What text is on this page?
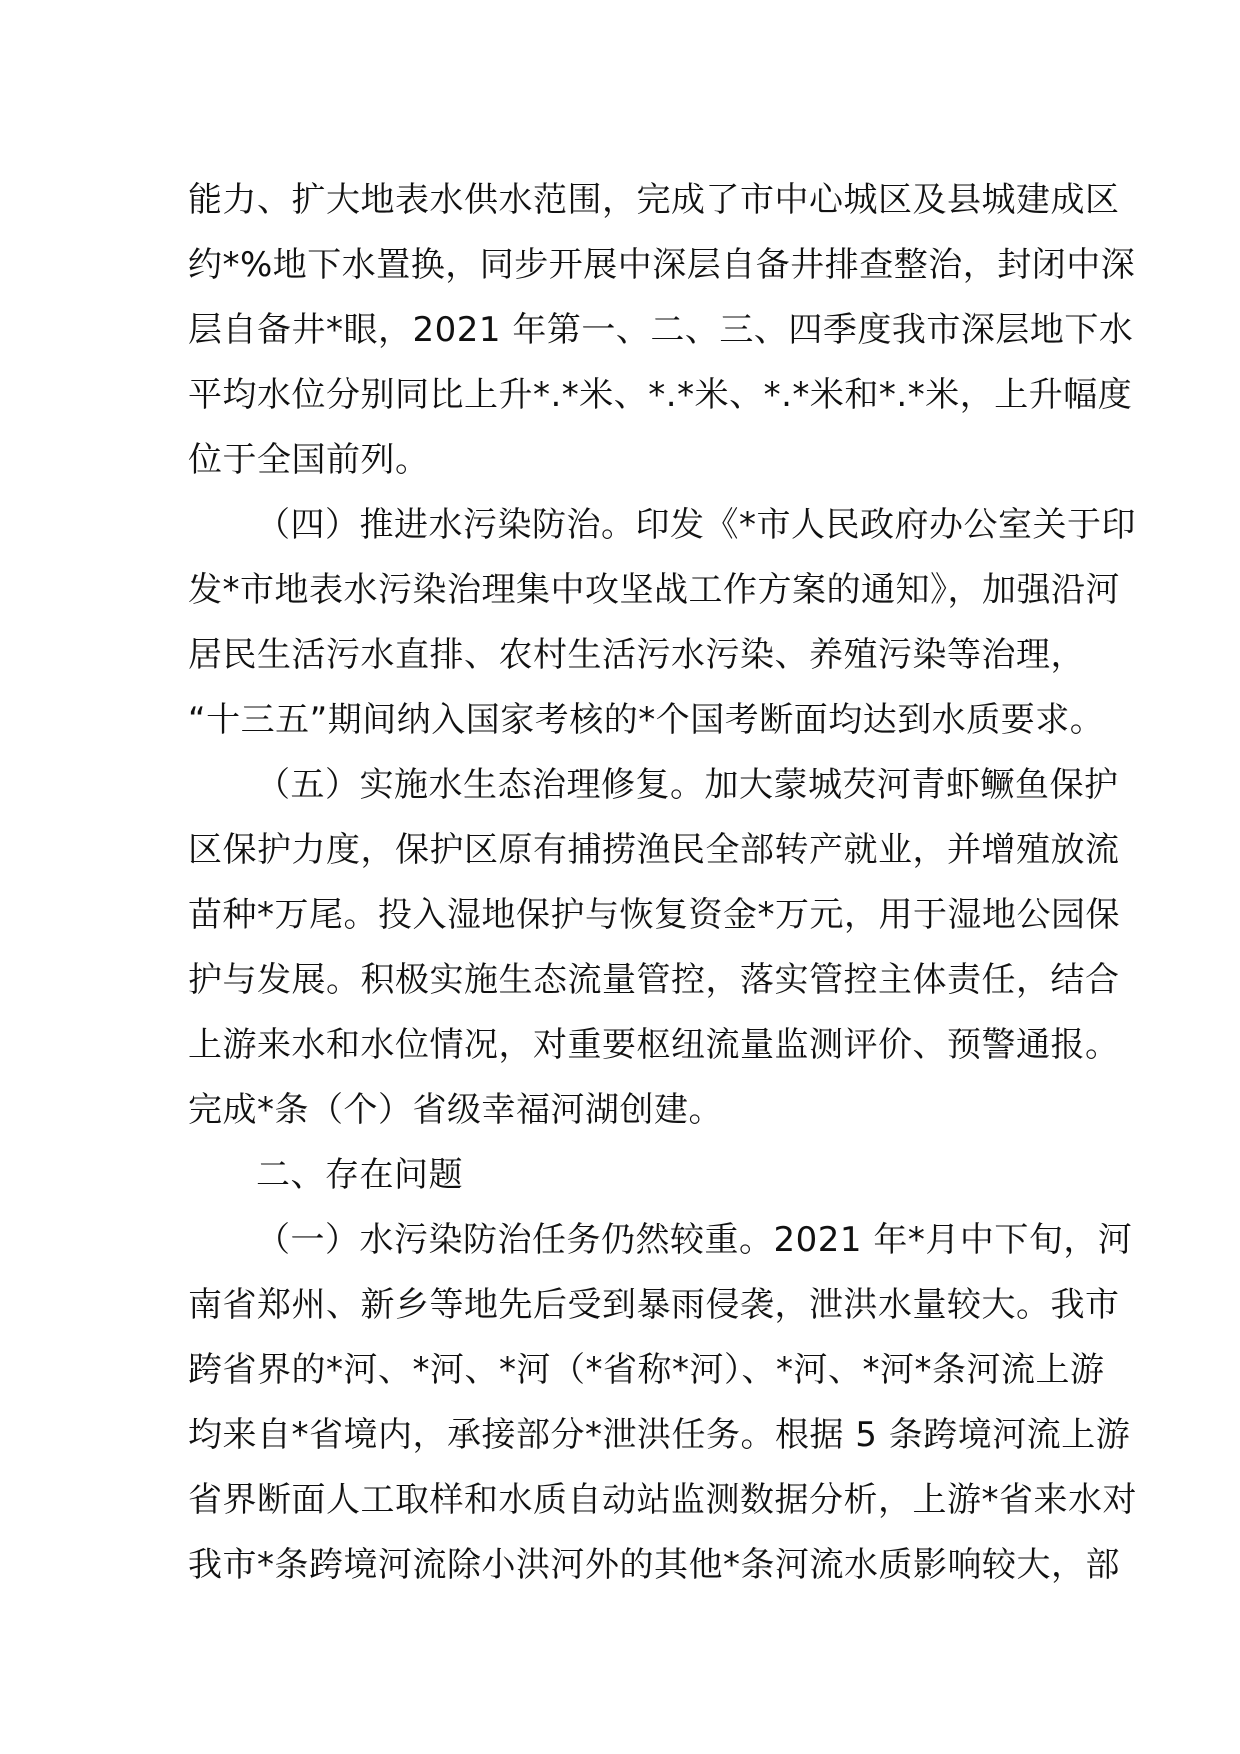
能力、扩大地表水供水范围，完成了市中心城区及县城建成区
约*%地下水置换，同步开展中深层自备井排查整治，封闭中深
层自备井*眼，2021 年第一、二、三、四季度我市深层地下水
平均水位分别同比上升*.*米、*.*米、*.*米和*.*米，上升幅度
位于全国前列。
（四）推进水污染防治。印发《*市人民政府办公室关于印
发*市地表水污染治理集中攻坚战工作方案的通知》，加强沿河
居民生活污水直排、农村生活污水污染、养殖污染等治理，
“十三五”期间纳入国家考核的*个国考断面均达到水质要求。
（五）实施水生态治理修复。加大蒙城芡河青虾鳜鱼保护
区保护力度，保护区原有捕捞渔民全部转产就业，并增殖放流
苗种*万尾。投入湿地保护与恢复资金*万元，用于湿地公园保
护与发展。积极实施生态流量管控，落实管控主体责任，结合
上游来水和水位情况，对重要枢纽流量监测评价、预警通报。
完成*条（个）省级幸福河湖创建。
二、存在问题
（一）水污染防治任务仍然较重。2021 年*月中下旬，河
南省郑州、新乡等地先后受到暴雨侵袭，泄洪水量较大。我市
跨省界的*河、*河、*河（*省称*河）、*河、*河*条河流上游
均来自*省境内，承接部分*泄洪任务。根据 5 条跨境河流上游
省界断面人工取样和水质自动站监测数据分析，上游*省来水对
我市*条跨境河流除小洪河外的其他*条河流水质影响较大，部
